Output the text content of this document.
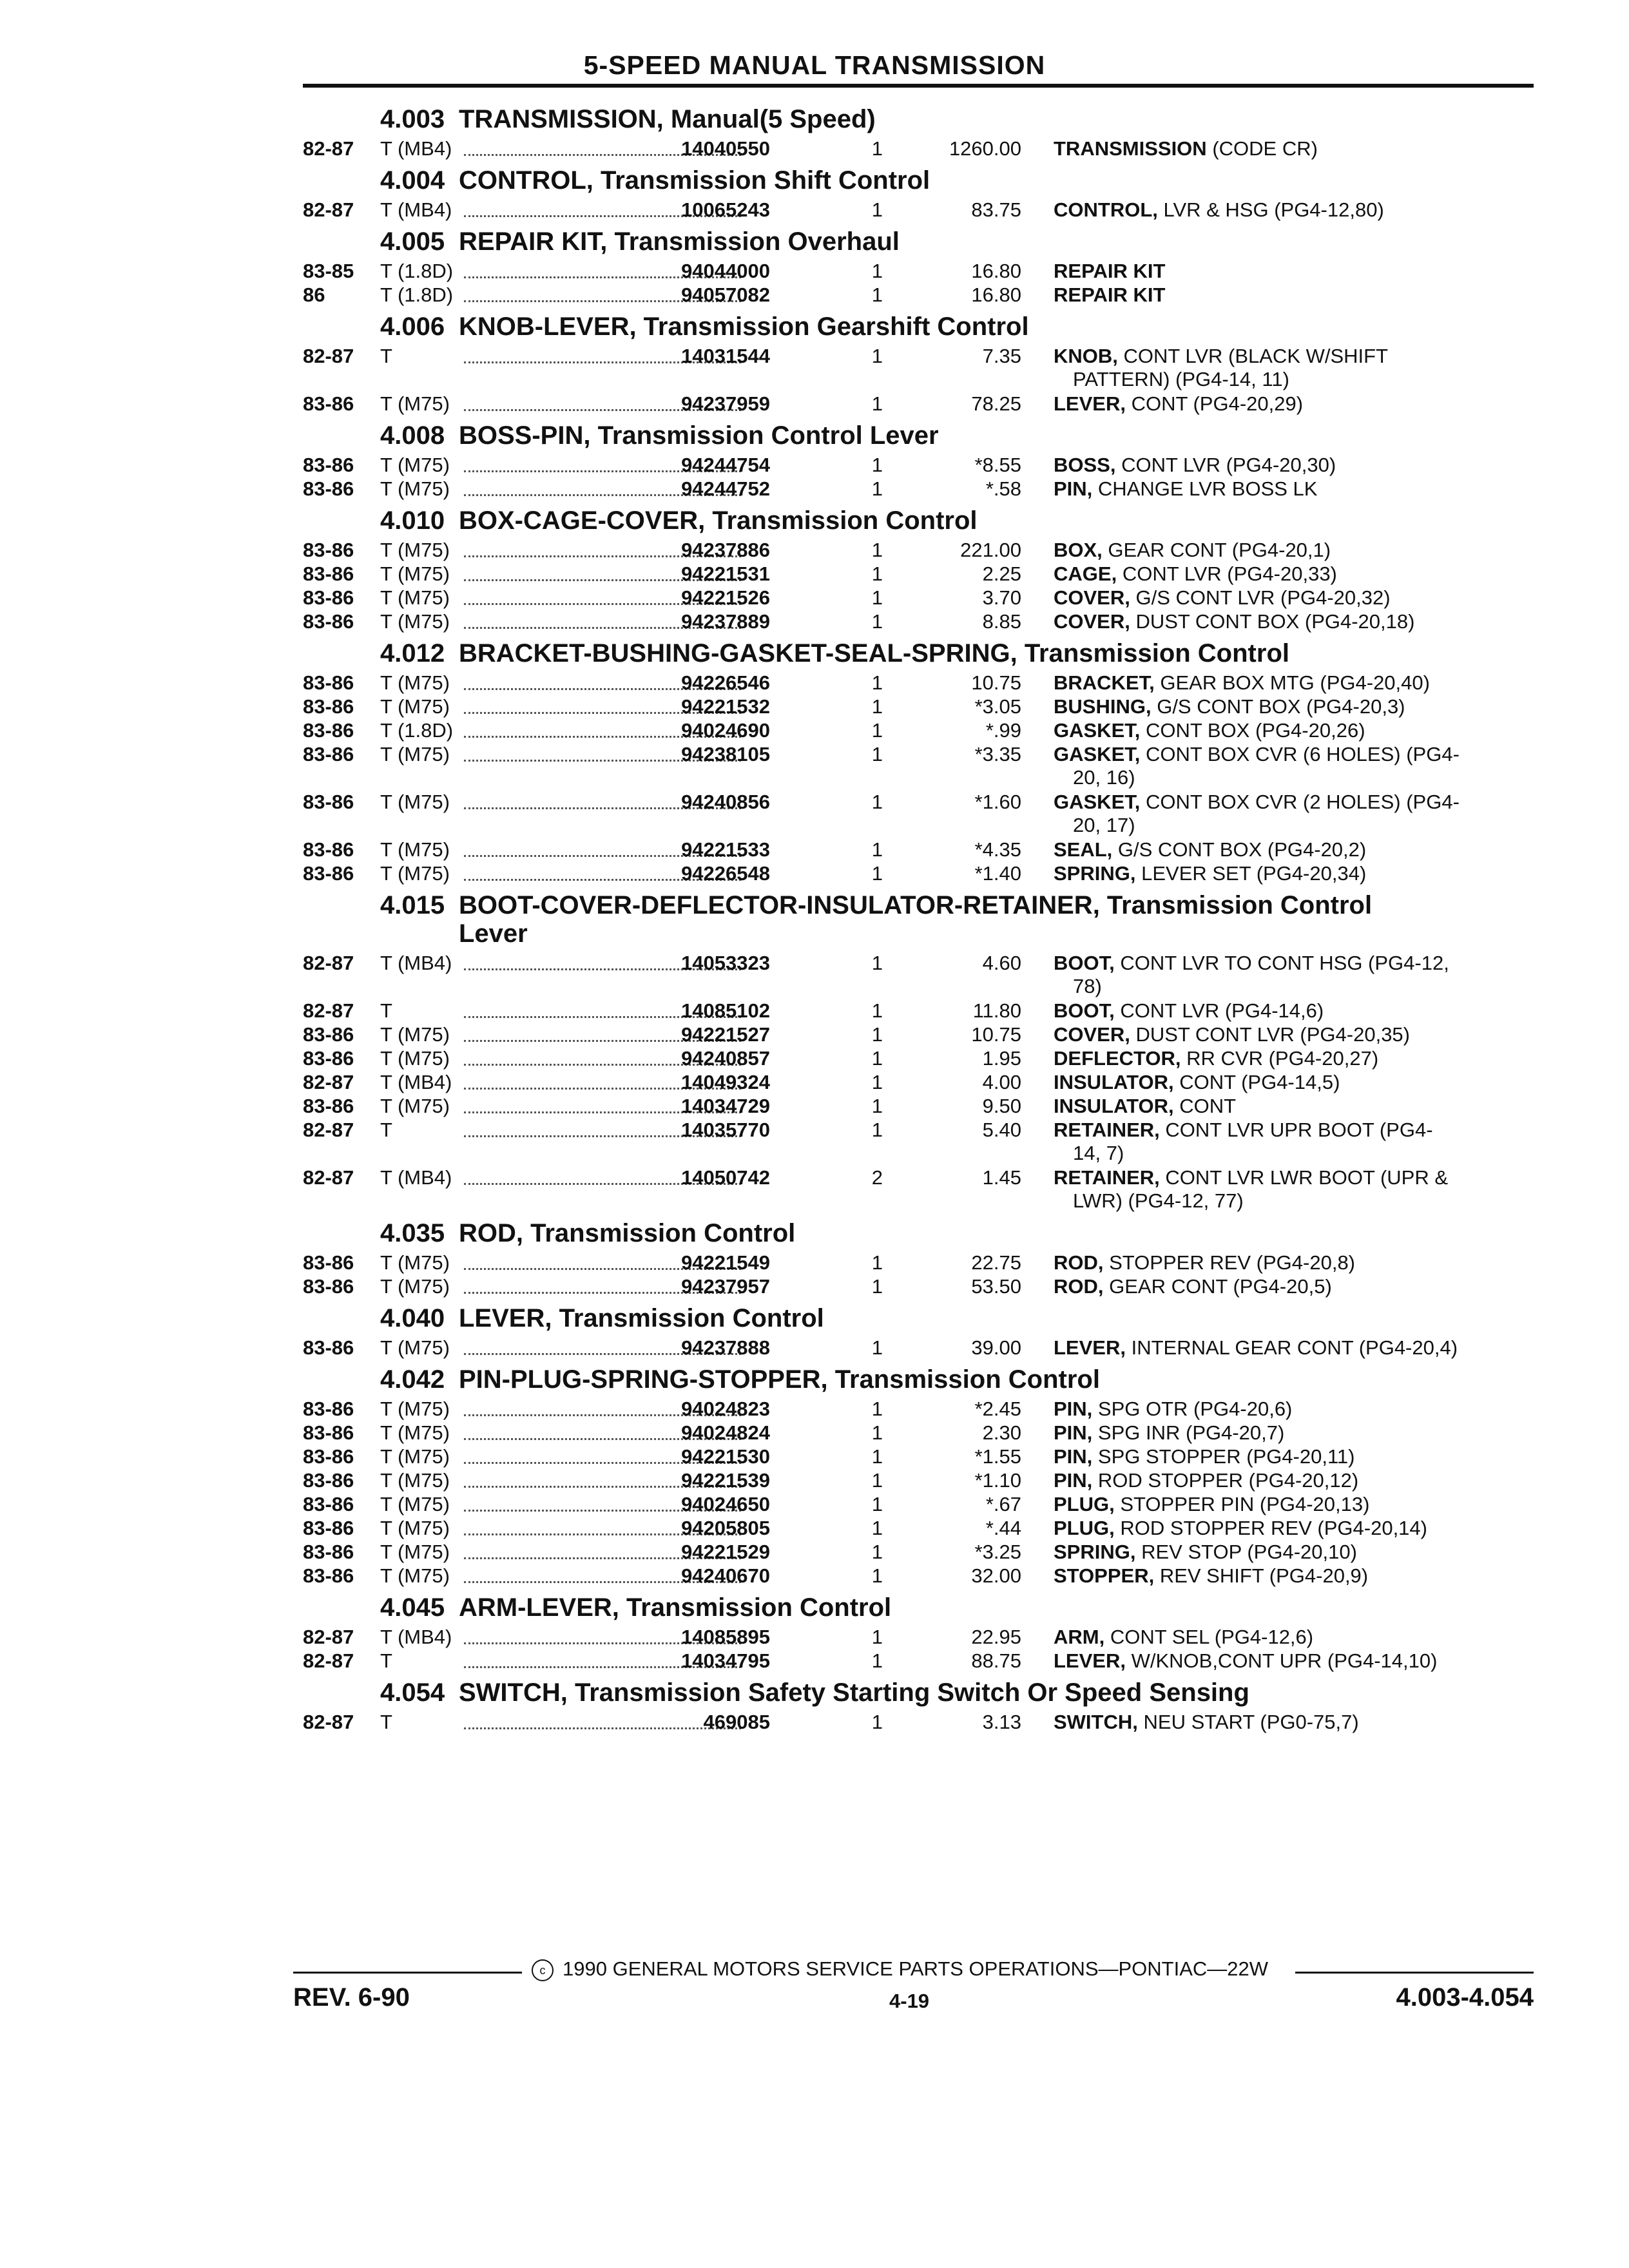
5-SPEED MANUAL TRANSMISSION
4.003 TRANSMISSION, Manual(5 Speed)
82-87 T (MB4)	14040550	1	1260.00 TRANSMISSION (CODE CR)
4.004 CONTROL, Transmission Shift Control
82-87 T (MB4)	10065243	1	83.75 CONTROL, LVR & HSG (PG4-12,80)
4.005 REPAIR KIT, Transmission Overhaul
83-85 T (1.8D)	94044000	1	16.80 REPAIR KIT
86	T (1.8D)	94057082	1	16.80 REPAIR KIT
4.006 KNOB-LEVER, Transmission Gearshift Control
82-87 T	14031544	1	7.35 KNOB, CONT LVR (BLACK W/SHIFT
PATTERN) (PG4-14, 11)
83-86 T (M75)	94237959	1	78.25 LEVER, CONT (PG4-20,29)
4.008 BOSS-PIN, Transmission Control Lever
83-86 T (M75)	94244754	1	*8.55 BOSS, CONT LVR (PG4-20,30)
83-86 T (M75)	94244752	1	*.58 PIN, CHANGE LVR BOSS LK
4.010 BOX-CAGE-COVER, Transmission Control
83-86 T (M75)	94237886	1	221.00 BOX, GEAR CONT (PG4-20,1)
83-86 T (M75)	94221531	1	2.25 CAGE, CONT LVR (PG4-20,33)
83-86 T (M75)	94221526	1	3.70 COVER, G/S CONT LVR (PG4-20,32)
83-86 T (M75)	94237889	1	8.85 COVER, DUST CONT BOX (PG4-20,18)
4.012 BRACKET-BUSHING-GASKET-SEAL-SPRING, Transmission Control
83-86 T (M75)	94226546	1	10.75 BRACKET, GEAR BOX MTG (PG4-20,40)
83-86 T (M75)	94221532	1	*3.05 BUSHING, G/S CONT BOX (PG4-20,3)
83-86 T (1.8D)	94024690	1	*.99 GASKET, CONT BOX (PG4-20,26)
83-86 T (M75)	94238105	1	*3.35 GASKET, CONT BOX CVR (6 HOLES) (PG4-
20, 16)
83-86 T (M75)	94240856	1	*1.60 GASKET, CONT BOX CVR (2 HOLES) (PG4-
20, 17)
83-86 T (M75)	94221533	1	*4.35 SEAL, G/S CONT BOX (PG4-20,2)
83-86 T (M75)	94226548	1	*1.40 SPRING, LEVER SET (PG4-20,34)
4.015 BOOT-COVER-DEFLECTOR-INSULATOR-RETAINER, Transmission Control Lever
82-87 T (MB4)	14053323	1	4.60 BOOT, CONT LVR TO CONT HSG (PG4-12,
78)
82-87 T	14085102	1	11.80 BOOT, CONT LVR (PG4-14,6)
83-86 T (M75)	94221527	1	10.75 COVER, DUST CONT LVR (PG4-20,35)
83-86 T (M75)	94240857	1	1.95 DEFLECTOR, RR CVR (PG4-20,27)
82-87 T (MB4)	14049324	1	4.00 INSULATOR, CONT (PG4-14,5)
83-86 T (M75)	14034729	1	9.50 INSULATOR, CONT
82-87 T	14035770	1	5.40 RETAINER, CONT LVR UPR BOOT (PG4-
14, 7)
82-87 T (MB4)	14050742	2	1.45 RETAINER, CONT LVR LWR BOOT (UPR &
LWR) (PG4-12, 77)
4.035 ROD, Transmission Control
83-86 T (M75)	94221549	1	22.75 ROD, STOPPER REV (PG4-20,8)
83-86 T (M75)	94237957	1	53.50 ROD, GEAR CONT (PG4-20,5)
4.040 LEVER, Transmission Control
83-86 T (M75)	94237888	1	39.00 LEVER, INTERNAL GEAR CONT (PG4-20,4)
4.042 PIN-PLUG-SPRING-STOPPER, Transmission Control
83-86 T (M75)	94024823	1	*2.45 PIN, SPG OTR (PG4-20,6)
83-86 T (M75)	94024824	1	2.30 PIN, SPG INR (PG4-20,7)
83-86 T (M75)	94221530	1	*1.55 PIN, SPG STOPPER (PG4-20,11)
83-86 T (M75)	94221539	1	*1.10 PIN, ROD STOPPER (PG4-20,12)
83-86 T (M75)	94024650	1	*.67 PLUG, STOPPER PIN (PG4-20,13)
83-86 T (M75)	94205805	1	*.44 PLUG, ROD STOPPER REV (PG4-20,14)
83-86 T (M75)	94221529	1	*3.25 SPRING, REV STOP (PG4-20,10)
83-86 T (M75)	94240670	1	32.00 STOPPER, REV SHIFT (PG4-20,9)
4.045 ARM-LEVER, Transmission Control
82-87 T (MB4)	14085895	1	22.95 ARM, CONT SEL (PG4-12,6)
82-87 T	14034795	1	88.75 LEVER, W/KNOB,CONT UPR (PG4-14,10)
4.054 SWITCH, Transmission Safety Starting Switch Or Speed Sensing
82-87 T	469085	1	3.13 SWITCH, NEU START (PG0-75,7)
c 1990 GENERAL MOTORS SERVICE PARTS OPERATIONS—PONTIAC—22W
REV. 6-90	4-19	4.003-4.054
